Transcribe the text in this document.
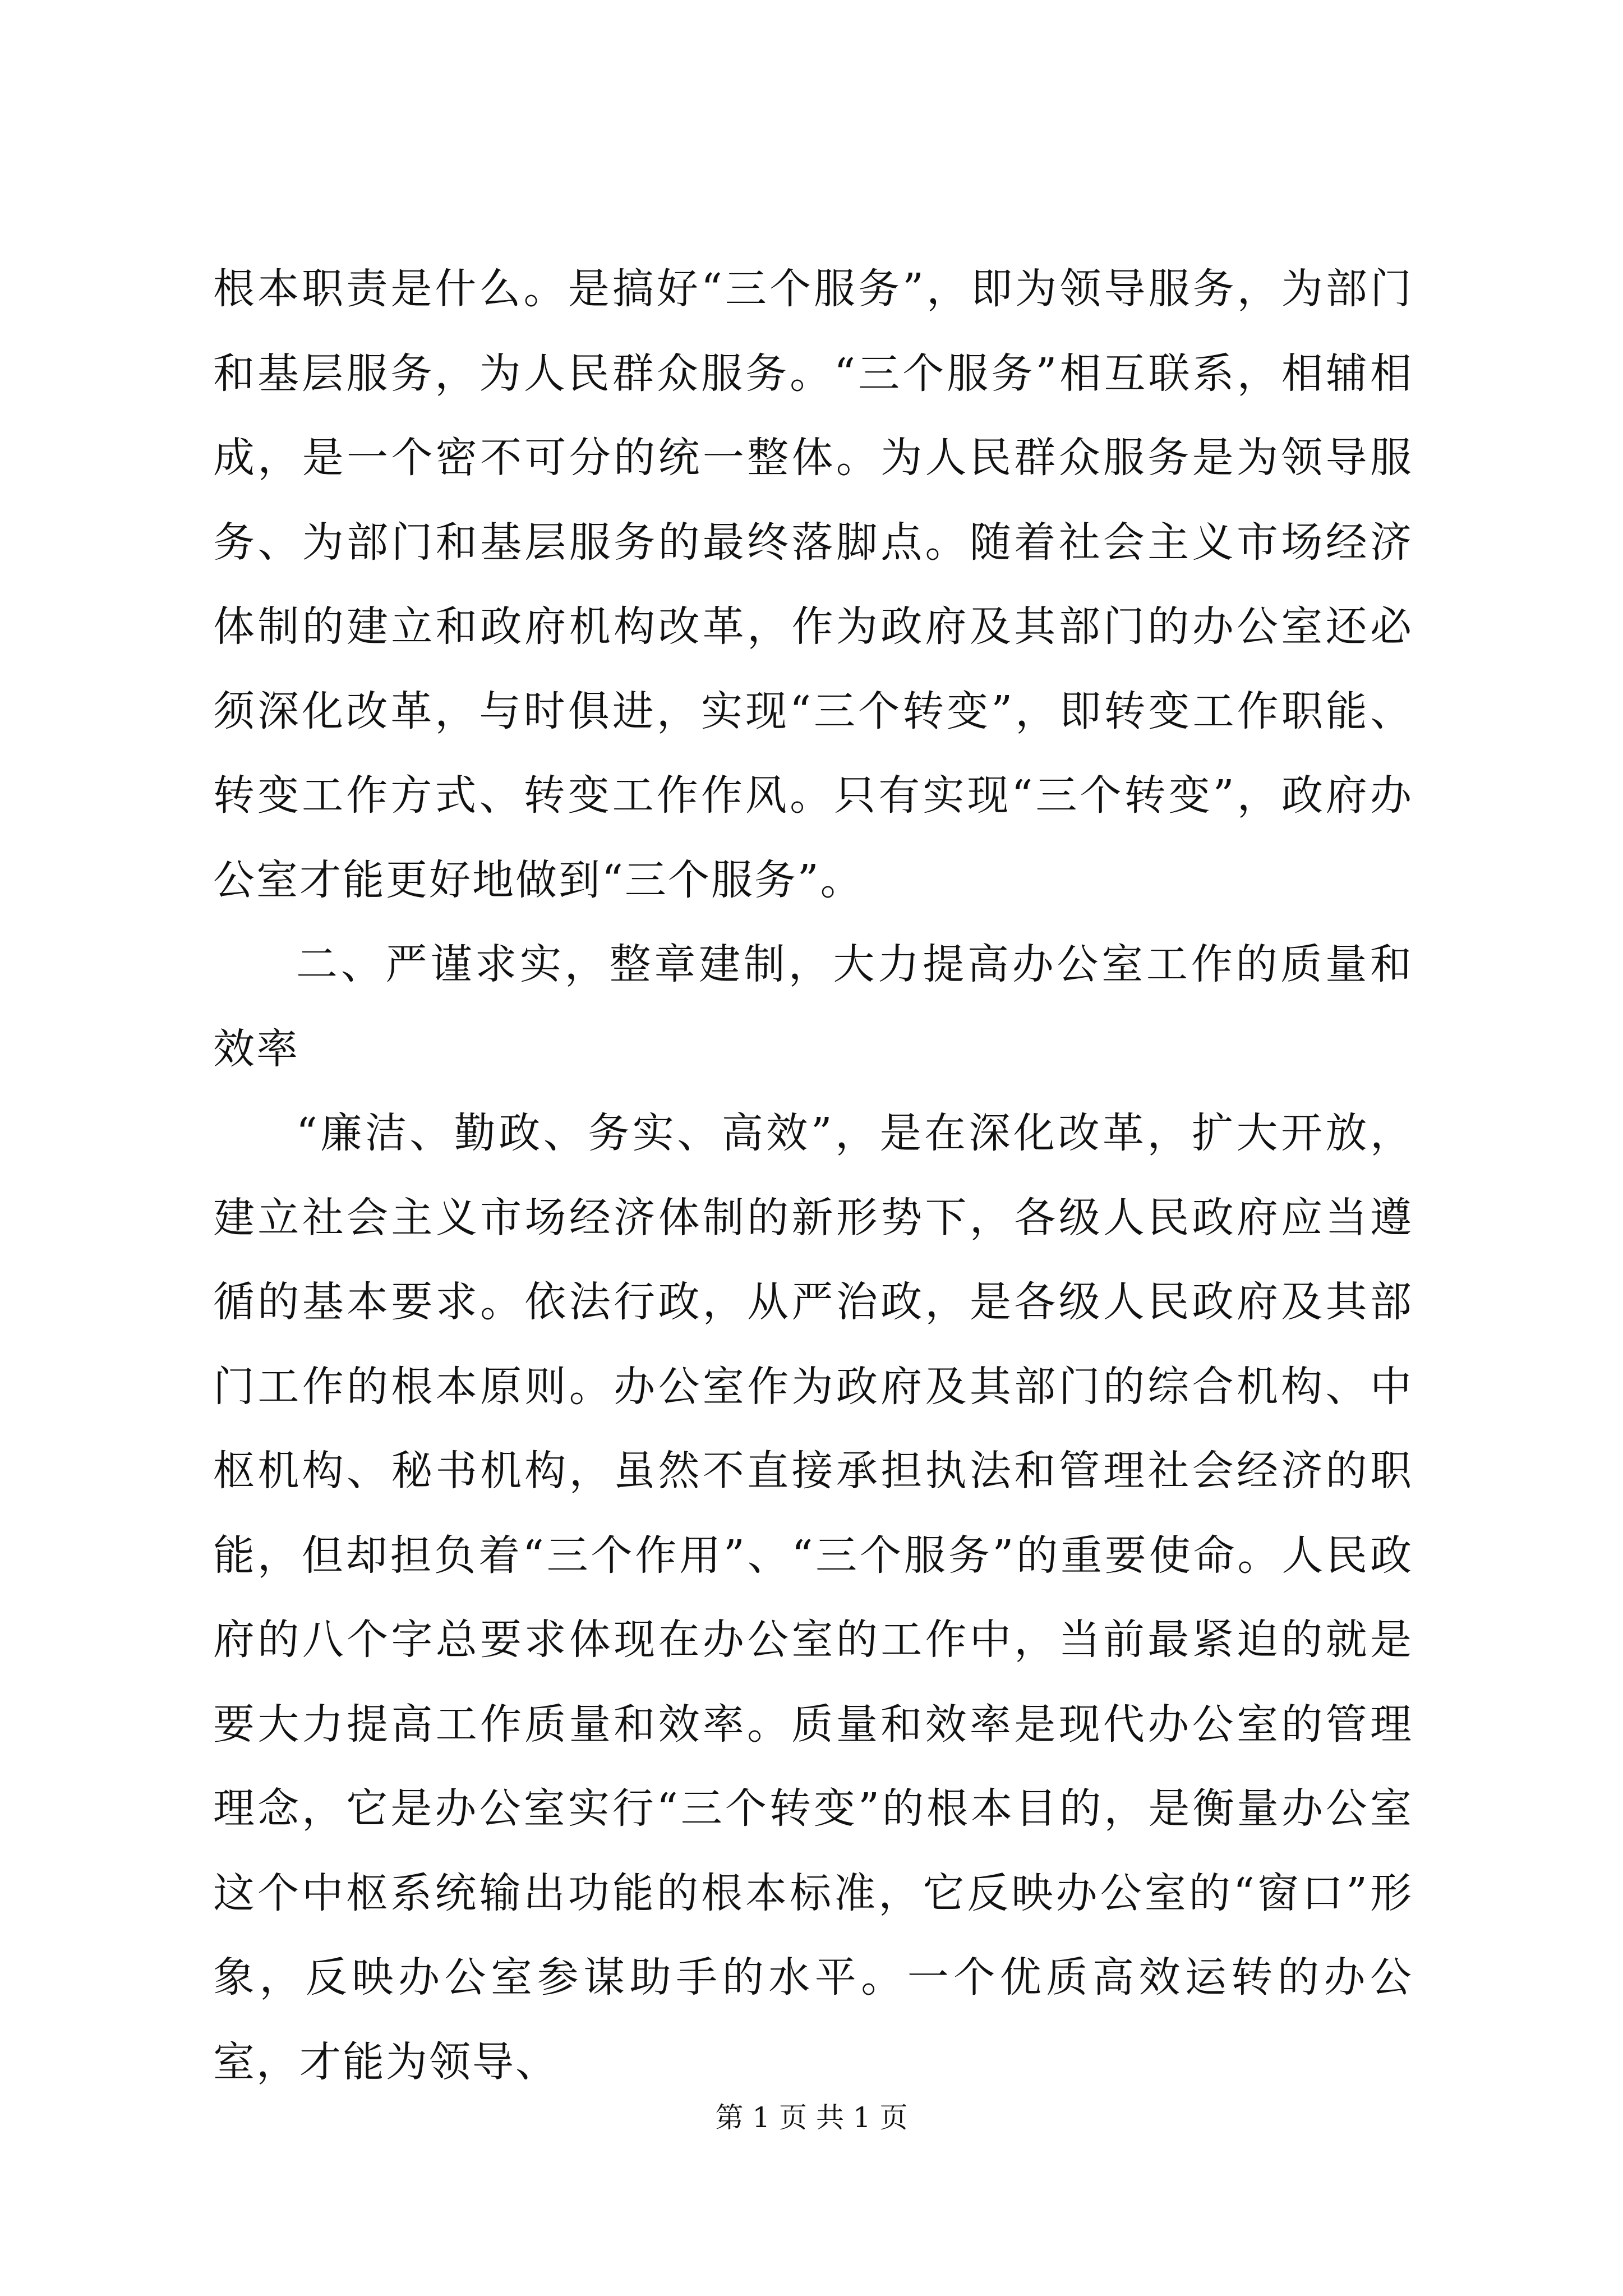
根本职责是什么。是搞好“三个服务”，即为领导服务，为部门和基层服务，为人民群众服务。“三个服务”相互联系，相辅相成，是一个密不可分的统一整体。为人民群众服务是为领导服务、为部门和基层服务的最终落脚点。随着社会主义市场经济体制的建立和政府机构改革，作为政府及其部门的办公室还必须深化改革，与时俱进，实现“三个转变”，即转变工作职能、转变工作方式、转变工作作风。只有实现“三个转变”，政府办公室才能更好地做到“三个服务”。

二、严谨求实，整章建制，大力提高办公室工作的质量和效率

“廉洁、勤政、务实、高效”，是在深化改革，扩大开放，建立社会主义市场经济体制的新形势下，各级人民政府应当遵循的基本要求。依法行政，从严治政，是各级人民政府及其部门工作的根本原则。办公室作为政府及其部门的综合机构、中枢机构、秘书机构，虽然不直接承担执法和管理社会经济的职能，但却担负着“三个作用”、“三个服务”的重要使命。人民政府的八个字总要求体现在办公室的工作中，当前最紧迫的就是要大力提高工作质量和效率。质量和效率是现代办公室的管理理念，它是办公室实行“三个转变”的根本目的，是衡量办公室这个中枢系统输出功能的根本标准，它反映办公室的“窗口”形象，反映办公室参谋助手的水平。一个优质高效运转的办公室，才能为领导、

第 1 页 共 1 页
